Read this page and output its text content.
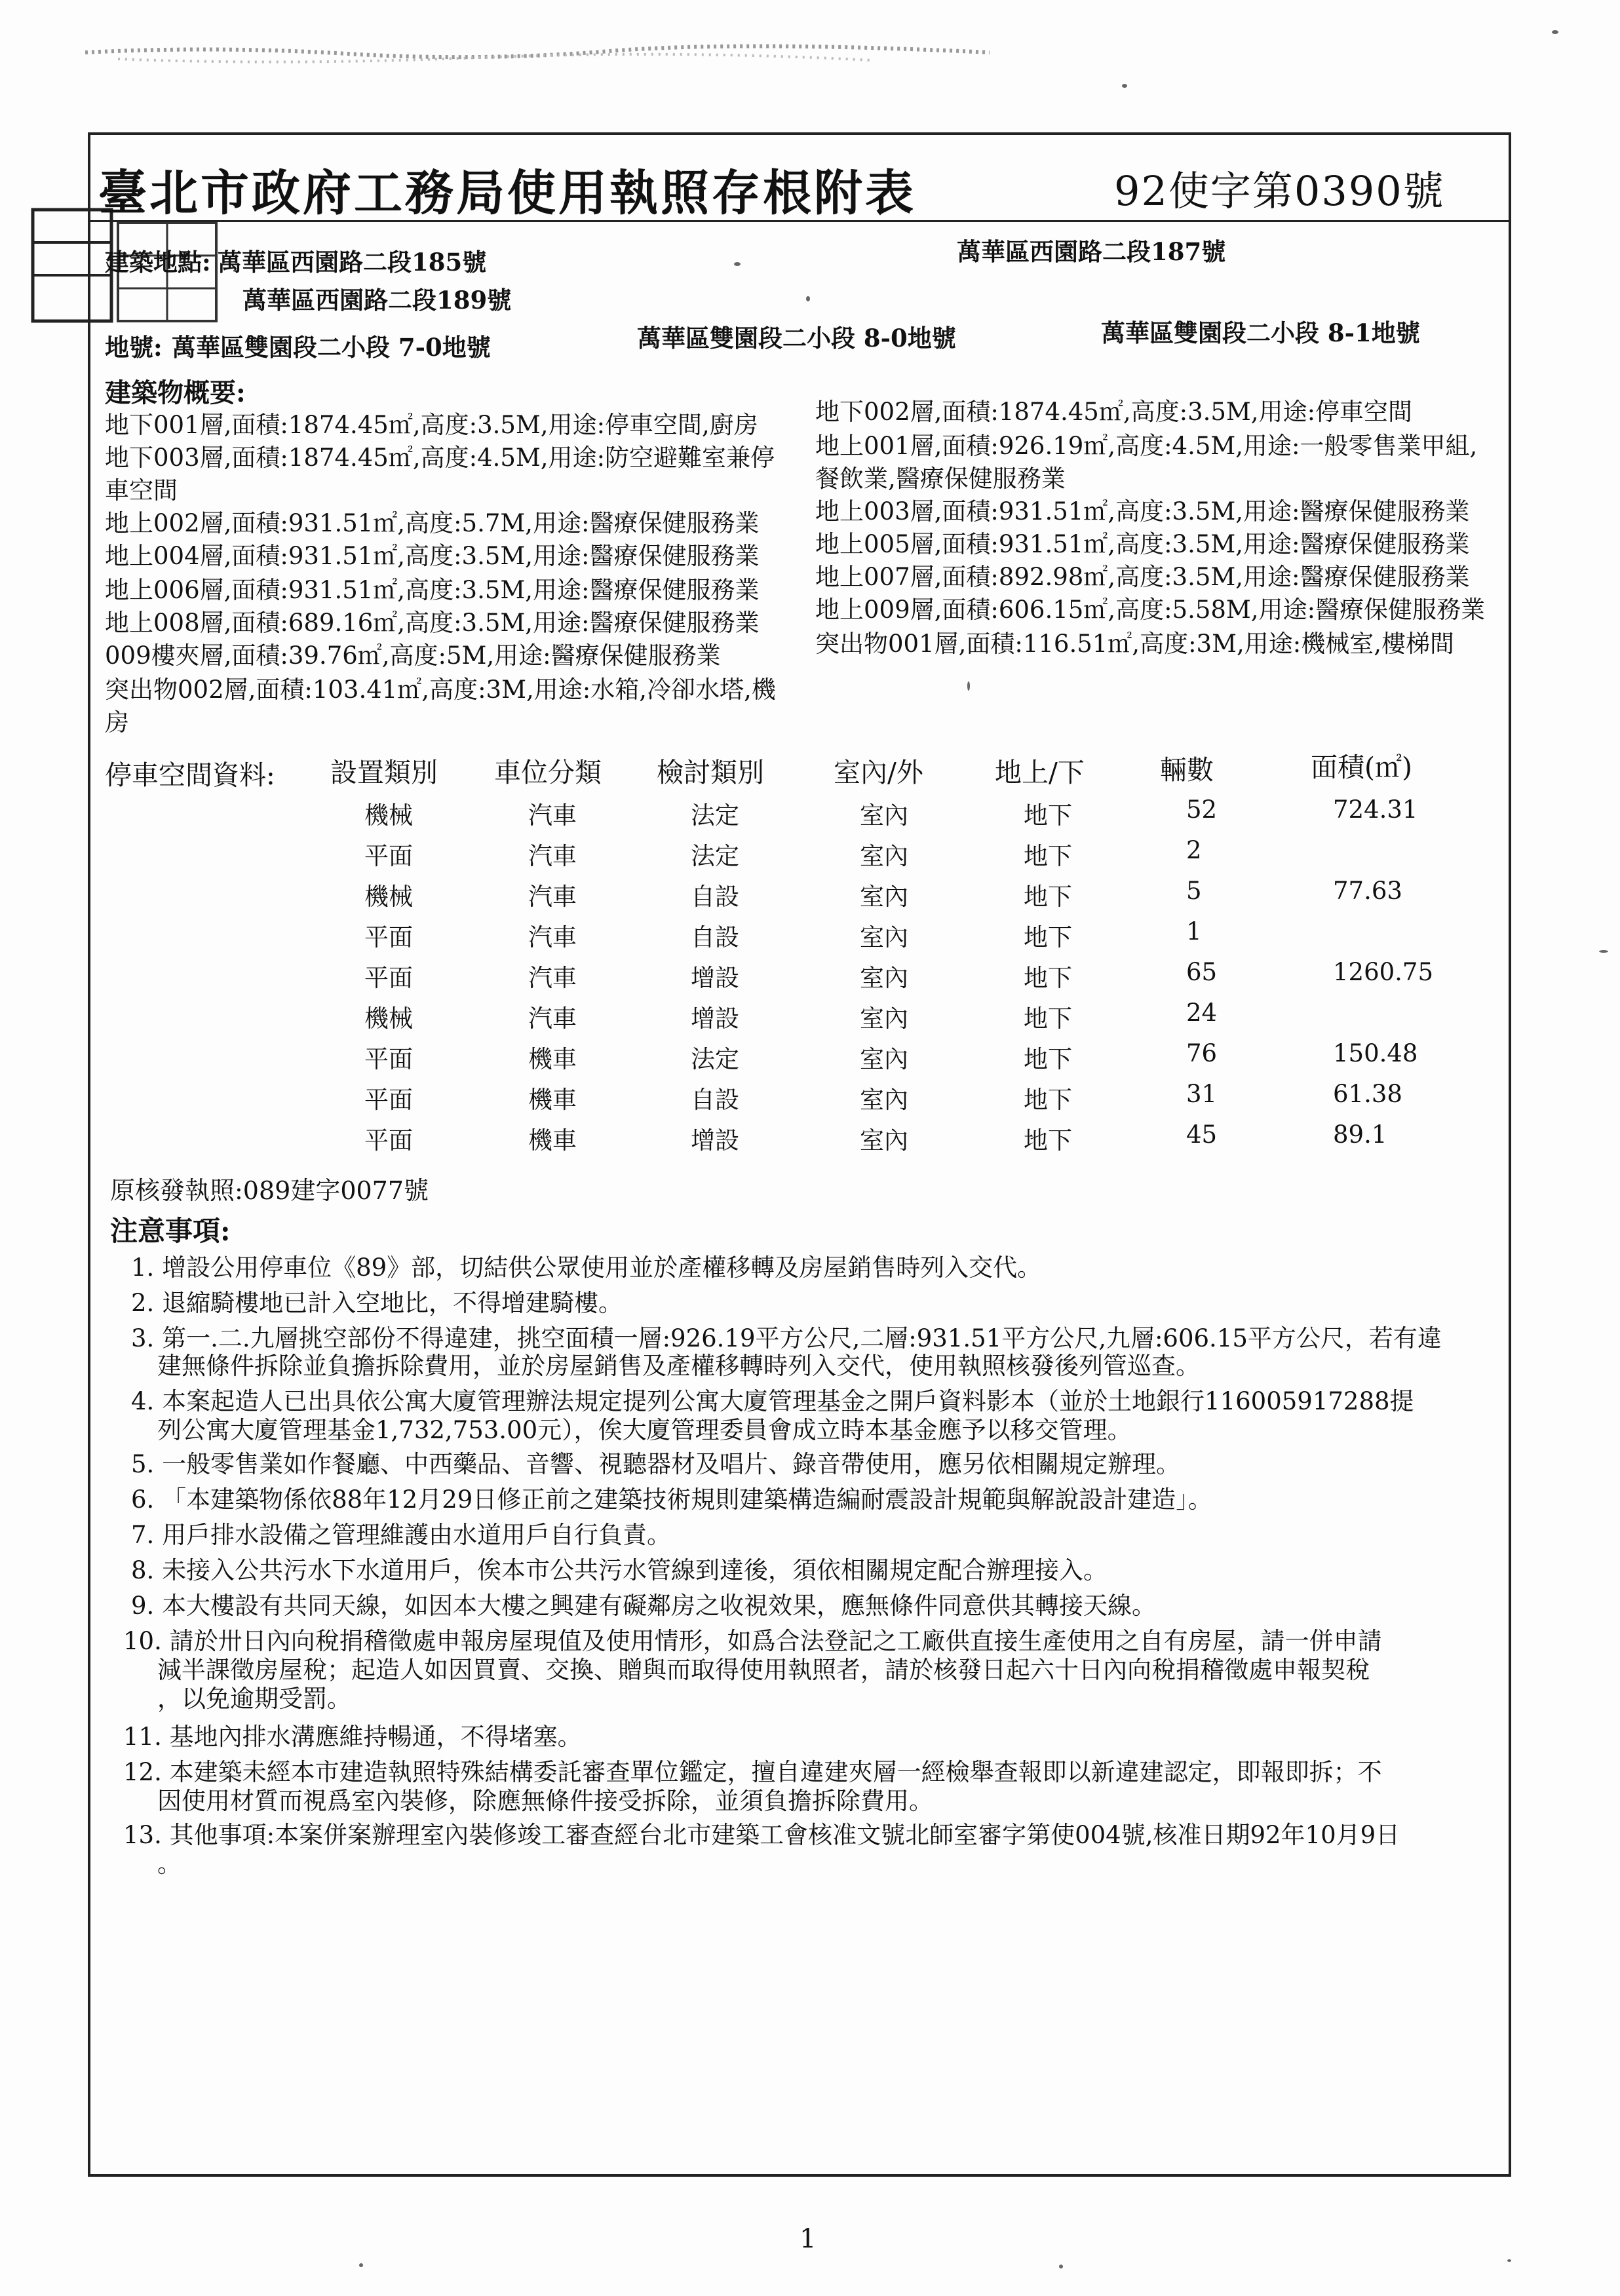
臺北市政府工務局使用執照存根附表	92使字第0390號
建築地點: 萬華區西園路二段185號	萬華區西園路二段187號
萬華區西園路二段189號
地號: 萬華區雙園段二小段 7-0地號	萬華區雙園段二小段 8-0地號	萬華區雙園段二小段 8-1地號
建築物概要:
地下001層,面積:1874.45㎡,高度:3.5M,用途:停車空間,廚房
地下003層,面積:1874.45㎡,高度:4.5M,用途:防空避難室兼停
車空間
地上002層,面積:931.51㎡,高度:5.7M,用途:醫療保健服務業
地上004層,面積:931.51㎡,高度:3.5M,用途:醫療保健服務業
地上006層,面積:931.51㎡,高度:3.5M,用途:醫療保健服務業
地上008層,面積:689.16㎡,高度:3.5M,用途:醫療保健服務業
009樓夾層,面積:39.76㎡,高度:5M,用途:醫療保健服務業
突出物002層,面積:103.41㎡,高度:3M,用途:水箱,冷卻水塔,機
房
地下002層,面積:1874.45㎡,高度:3.5M,用途:停車空間
地上001層,面積:926.19㎡,高度:4.5M,用途:一般零售業甲組,
餐飲業,醫療保健服務業
地上003層,面積:931.51㎡,高度:3.5M,用途:醫療保健服務業
地上005層,面積:931.51㎡,高度:3.5M,用途:醫療保健服務業
地上007層,面積:892.98㎡,高度:3.5M,用途:醫療保健服務業
地上009層,面積:606.15㎡,高度:5.58M,用途:醫療保健服務業
突出物001層,面積:116.51㎡,高度:3M,用途:機械室,樓梯間
停車空間資料: 設置類別 車位分類 檢討類別	室內/外	地上/下	輛數	面積(㎡)
機械	汽車	法定	室內	地下	52	724.31
平面	汽車	法定	室內	地下	2
機械	汽車	自設	室內	地下	5	77.63
平面	汽車	自設	室內	地下	1
平面	汽車	增設	室內	地下	65	1260.75
機械	汽車	增設	室內	地下	24
平面	機車	法定	室內	地下	76	150.48
平面	機車	自設	室內	地下	31	61.38
平面	機車	增設	室內	地下	45	89.1
原核發執照:089建字0077號
注意事項:
1. 增設公用停車位《89》部，切結供公眾使用並於產權移轉及房屋銷售時列入交代。
2. 退縮騎樓地已計入空地比，不得增建騎樓。
3. 第一.二.九層挑空部份不得違建，挑空面積一層:926.19平方公尺,二層:931.51平方公尺,九層:606.15平方公尺，若有違
建無條件拆除並負擔拆除費用，並於房屋銷售及產權移轉時列入交代，使用執照核發後列管巡查。
4. 本案起造人已出具依公寓大廈管理辦法規定提列公寓大廈管理基金之開戶資料影本（並於土地銀行116005917288提
列公寓大廈管理基金1,732,753.00元），俟大廈管理委員會成立時本基金應予以移交管理。
5. 一般零售業如作餐廳、中西藥品、音響、視聽器材及唱片、錄音帶使用，應另依相關規定辦理。
6. 「本建築物係依88年12月29日修正前之建築技術規則建築構造編耐震設計規範與解說設計建造」。
7. 用戶排水設備之管理維護由水道用戶自行負責。
8. 未接入公共污水下水道用戶，俟本市公共污水管線到達後，須依相關規定配合辦理接入。
9. 本大樓設有共同天線，如因本大樓之興建有礙鄰房之收視效果，應無條件同意供其轉接天線。
10. 請於卅日內向稅捐稽徵處申報房屋現值及使用情形，如爲合法登記之工廠供直接生產使用之自有房屋，請一併申請
減半課徵房屋稅；起造人如因買賣、交換、贈與而取得使用執照者，請於核發日起六十日內向稅捐稽徵處申報契稅
，以免逾期受罰。
11. 基地內排水溝應維持暢通，不得堵塞。
12. 本建築未經本市建造執照特殊結構委託審查單位鑑定，擅自違建夾層一經檢舉查報即以新違建認定，即報即拆；不
因使用材質而視爲室內裝修，除應無條件接受拆除，並須負擔拆除費用。
13. 其他事項:本案併案辦理室內裝修竣工審查經台北市建築工會核准文號北師室審字第使004號,核准日期92年10月9日
。
1
